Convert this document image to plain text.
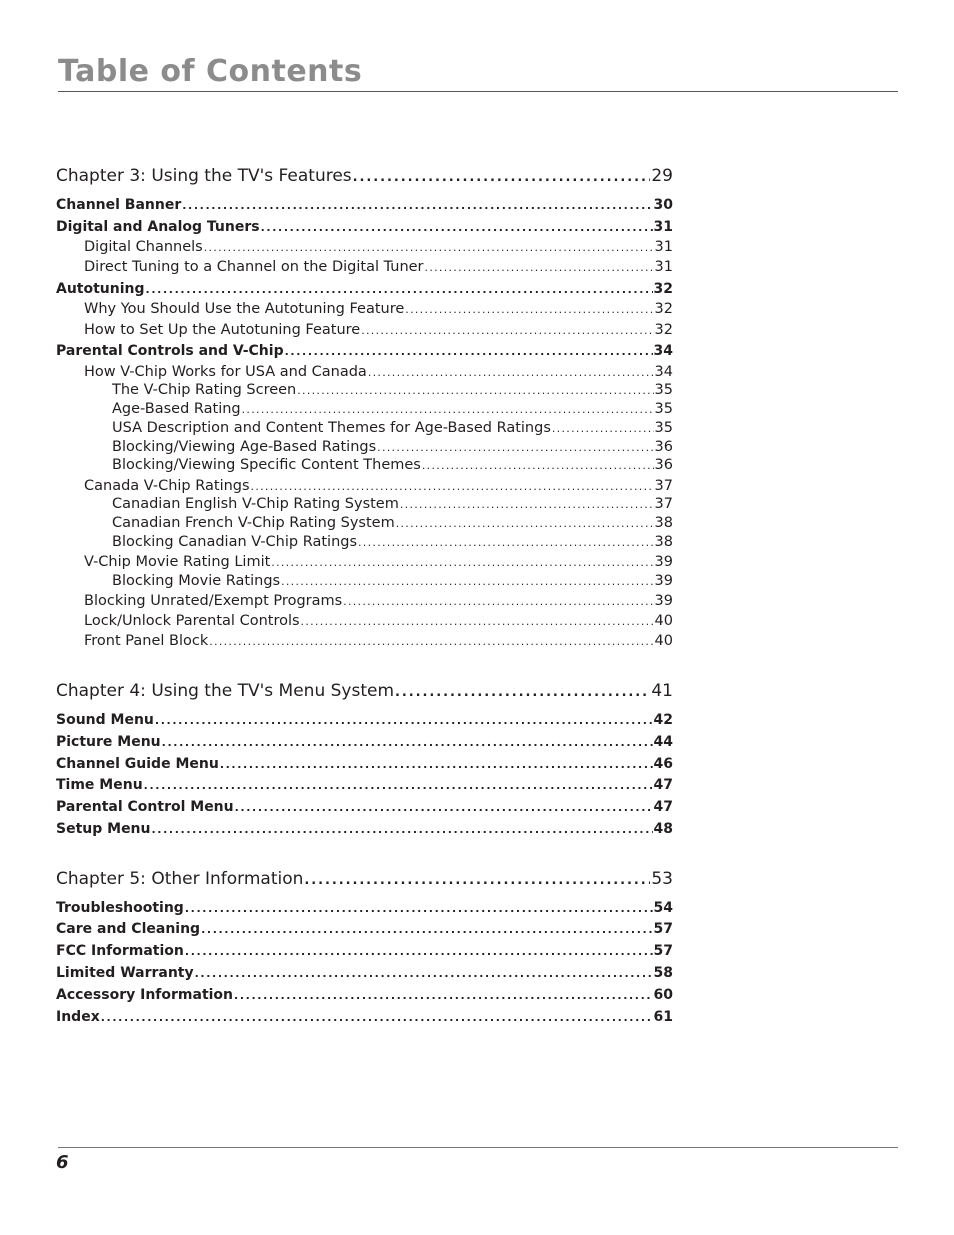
Table of Contents
Chapter 3: Using the TV's Features . . .	29
Channel Banner . . .	30
Digital and Analog Tuners . . .	31
Digital Channels . . .	31
Direct Tuning to a Channel on the Digital Tuner . . .	31
Autotuning . . .	32
Why You Should Use the Autotuning Feature . . .	32
How to Set Up the Autotuning Feature . . .	32
Parental Controls and V-Chip . . .	34
How V-Chip Works for USA and Canada . . .	34
The V-Chip Rating Screen . . .	35
Age-Based Rating . . .	35
USA Description and Content Themes for Age-Based Ratings . . .	35
Blocking/Viewing Age-Based Ratings . . .	36
Blocking/Viewing Specific Content Themes . . .	36
Canada V-Chip Ratings . . .	37
Canadian English V-Chip Rating System . . .	37
Canadian French V-Chip Rating System . . .	38
Blocking Canadian V-Chip Ratings . . .	38
V-Chip Movie Rating Limit . . .	39
Blocking Movie Ratings . . .	39
Blocking Unrated/Exempt Programs . . .	39
Lock/Unlock Parental Controls . . .	40
Front Panel Block . . .	40
Chapter 4: Using the TV's Menu System . . .	41
Sound Menu . . .	42
Picture Menu . . .	44
Channel Guide Menu . . .	46
Time Menu . . .	47
Parental Control Menu . . .	47
Setup Menu . . .	48
Chapter 5: Other Information . . .	53
Troubleshooting . . .	54
Care and Cleaning . . .	57
FCC Information . . .	57
Limited Warranty . . .	58
Accessory Information . . .	60
Index . . .	61
6
